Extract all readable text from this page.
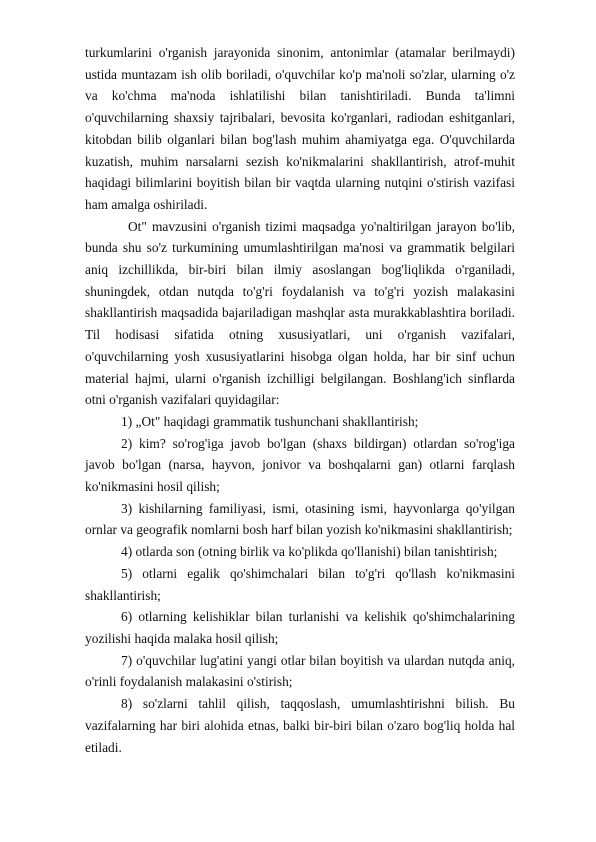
turkumlarini o'rganish jarayonida sinonim, antonimlar (atamalar berilmaydi) ustida muntazam ish olib boriladi, o'quvchilar ko'p ma'noli so'zlar, ularning o'z va ko'chma ma'noda ishlatilishi bilan tanishtiriladi. Bunda ta'limni o'quvchilarning shaxsiy tajribalari, bevosita ko'rganlari, radiodan eshitganlari, kitobdan bilib olganlari bilan bog'lash muhim ahamiyatga ega. O'quvchilarda kuzatish, muhim narsalarni sezish ko'nikmalarini shakllantirish, atrof-muhit haqidagi bilimlarini boyitish bilan bir vaqtda ularning nutqini o'stirish vazifasi ham amalga oshiriladi.

Ot" mavzusini o'rganish tizimi maqsadga yo'naltirilgan jarayon bo'lib, bunda shu so'z turkumining umumlashtirilgan ma'nosi va grammatik belgilari aniq izchillikda, bir-biri bilan ilmiy asoslangan bog'liqlikda o'rganiladi, shuningdek, otdan nutqda to'g'ri foydalanish va to'g'ri yozish malakasini shakllantirish maqsadida bajariladigan mashqlar asta murakkablashtira boriladi. Til hodisasi sifatida otning xususiyatlari, uni o'rganish vazifalari, o'quvchilarning yosh xususiyatlarini hisobga olgan holda, har bir sinf uchun material hajmi, ularni o'rganish izchilligi belgilangan. Boshlang'ich sinflarda otni o'rganish vazifalari quyidagilar:

1) „Ot" haqidagi grammatik tushunchani shakllantirish;

2) kim? so'rog'iga javob bo'lgan (shaxs bildirgan) otlardan so'rog'iga javob bo'lgan (narsa, hayvon, jonivor va boshqalarni gan) otlarni farqlash ko'nikmasini hosil qilish;

3) kishilarning familiyasi, ismi, otasining ismi, hayvonlarga qo'yilgan ornlar va geografik nomlarni bosh harf bilan yozish ko'nikmasini shakllantirish;

4) otlarda son (otning birlik va ko'plikda qo'llanishi) bilan tanishtirish;

5) otlarni egalik qo'shimchalari bilan to'g'ri qo'llash ko'nikmasini shakllantirish;

6) otlarning kelishiklar bilan turlanishi va kelishik qo'shimchalarining yozilishi haqida malaka hosil qilish;

7) o'quvchilar lug'atini yangi otlar bilan boyitish va ulardan nutqda aniq, o'rinli foydalanish malakasini o'stirish;

8) so'zlarni tahlil qilish, taqqoslash, umumlashtirishni bilish. Bu vazifalarning har biri alohida etnas, balki bir-biri bilan o'zaro bog'liq holda hal etiladi.
